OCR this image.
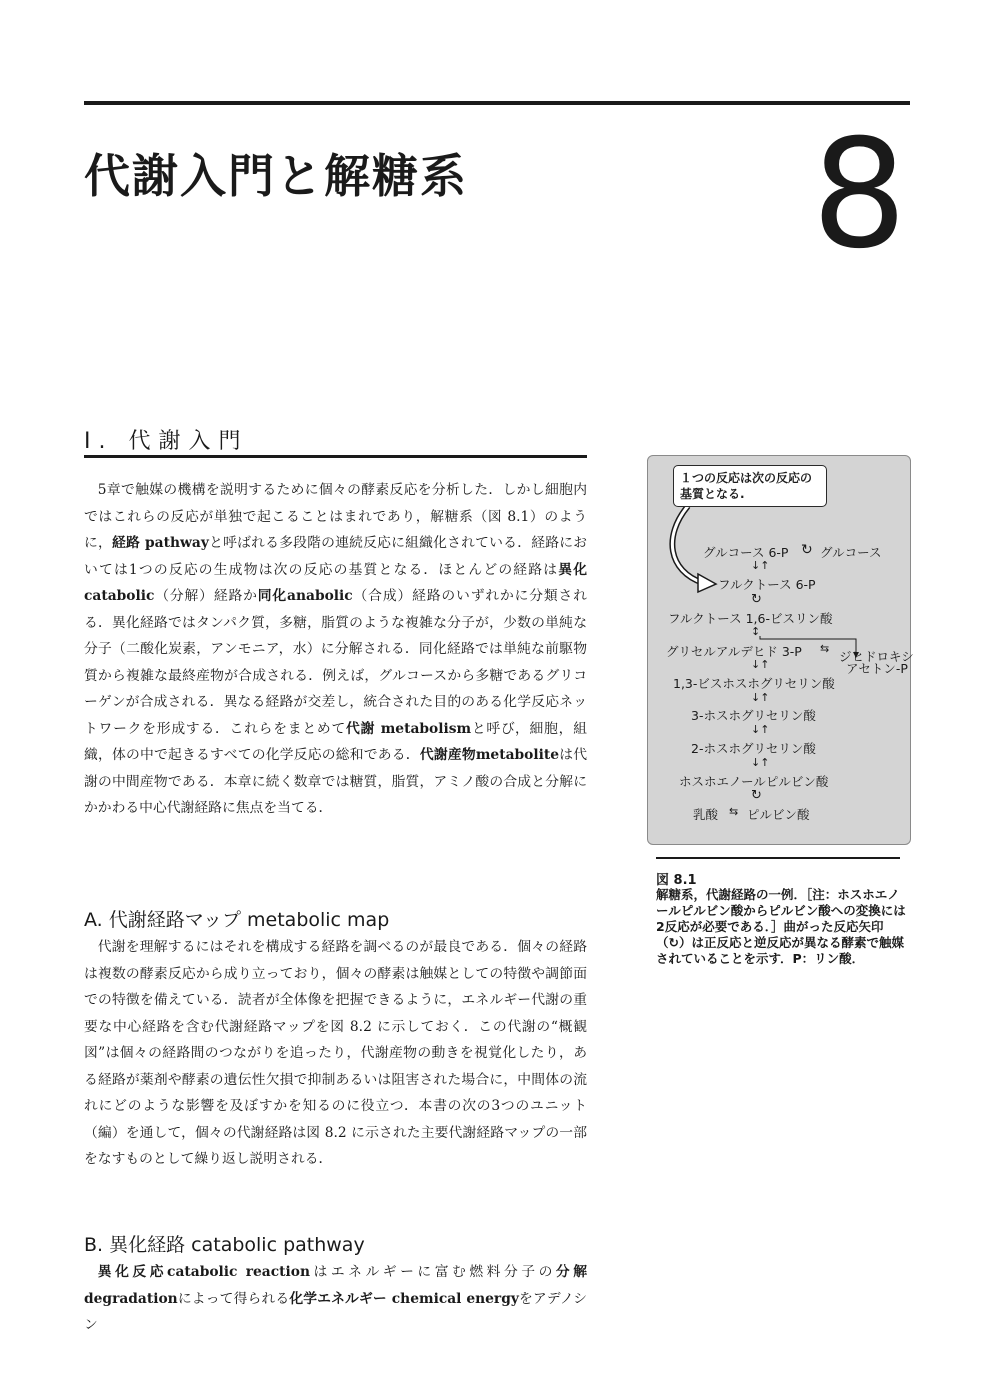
代謝入門と解糖系 8
I. 代謝入門

5章で触媒の機構を説明するために個々の酵素反応を分析した．しかし細胞内ではこれらの反応が単独で起こることはまれであり，解糖系（図 8.1）のように，経路 pathwayと呼ばれる多段階の連続反応に組織化されている．経路においては1つの反応の生成物は次の反応の基質となる．ほとんどの経路は異化catabolic（分解）経路か同化anabolic（合成）経路のいずれかに分類される．異化経路ではタンパク質，多糖，脂質のような複雑な分子が，少数の単純な分子（二酸化炭素，アンモニア，水）に分解される．同化経路では単純な前駆物質から複雑な最終産物が合成される．例えば，グルコースから多糖であるグリコーゲンが合成される．異なる経路が交差し，統合された目的のある化学反応ネットワークを形成する．これらをまとめて代謝 metabolismと呼び，細胞，組織，体の中で起きるすべての化学反応の総和である．代謝産物metaboliteは代謝の中間産物である．本章に続く数章では糖質，脂質，アミノ酸の合成と分解にかかわる中心代謝経路に焦点を当てる．

A. 代謝経路マップ metabolic map

代謝を理解するにはそれを構成する経路を調べるのが最良である．個々の経路は複数の酵素反応から成り立っており，個々の酵素は触媒としての特徴や調節面での特徴を備えている．読者が全体像を把握できるように，エネルギー代謝の重要な中心経路を含む代謝経路マップを図 8.2 に示しておく．この代謝の“概観図”は個々の経路間のつながりを追ったり，代謝産物の動きを視覚化したり，ある経路が薬剤や酵素の遺伝性欠損で抑制あるいは阻害された場合に，中間体の流れにどのような影響を及ぼすかを知るのに役立つ．本書の次の3つのユニット（編）を通して，個々の代謝経路は図 8.2 に示された主要代謝経路マップの一部をなすものとして繰り返し説明される．

B. 異化経路 catabolic pathway

異化反応catabolic reactionはエネルギーに富む燃料分子の分解 degradationによって得られる化学エネルギー chemical energyをアデノシン

１つの反応は次の反応の基質となる.
グルコース 6-P ↻ グルコース
↓↑
フルクトース 6-P
↻
フルクトース 1,6-ビスリン酸
↕
グリセルアルデヒド 3-P ⇆
ジヒドロキシ
アセトン-P
↓↑
1,3-ビスホスホグリセリン酸
↓↑
3-ホスホグリセリン酸
↓↑
2-ホスホグリセリン酸
↓↑
ホスホエノールピルビン酸
↻
乳酸 ⇆ ピルビン酸
図 8.1
解糖系，代謝経路の一例．［注：ホスホエノールピルビン酸からピルビン酸への変換には2反応が必要である．］曲がった反応矢印（↻）は正反応と逆反応が異なる酵素で触媒されていることを示す．P：リン酸．
